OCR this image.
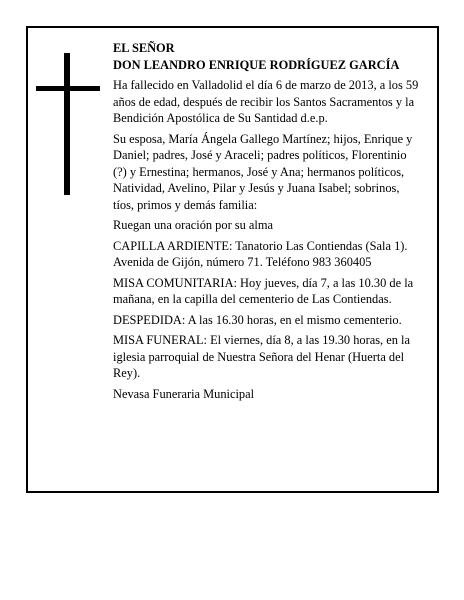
EL SEÑOR

DON LEANDRO ENRIQUE RODRÍGUEZ GARCÍA

Ha fallecido en Valladolid el día 6 de marzo de 2013, a los 59 años de edad, después de recibir los Santos Sacramentos y la Bendición Apostólica de Su Santidad d.e.p.

Su esposa, María Ángela Gallego Martínez; hijos, Enrique y Daniel; padres, José y Araceli; padres políticos, Florentinio (?) y Ernestina; hermanos, José y Ana; hermanos políticos, Natividad, Avelino, Pilar y Jesús y Juana Isabel; sobrinos, tíos, primos y demás familia:

Ruegan una oración por su alma

CAPILLA ARDIENTE: Tanatorio Las Contiendas (Sala 1). Avenida de Gijón, número 71. Teléfono 983 360405

MISA COMUNITARIA: Hoy jueves, día 7, a las 10.30 de la mañana, en la capilla del cementerio de Las Contiendas.

DESPEDIDA: A las 16.30 horas, en el mismo cementerio.

MISA FUNERAL: El viernes, día 8, a las 19.30 horas, en la iglesia parroquial de Nuestra Señora del Henar (Huerta del Rey).

Nevasa Funeraria Municipal
